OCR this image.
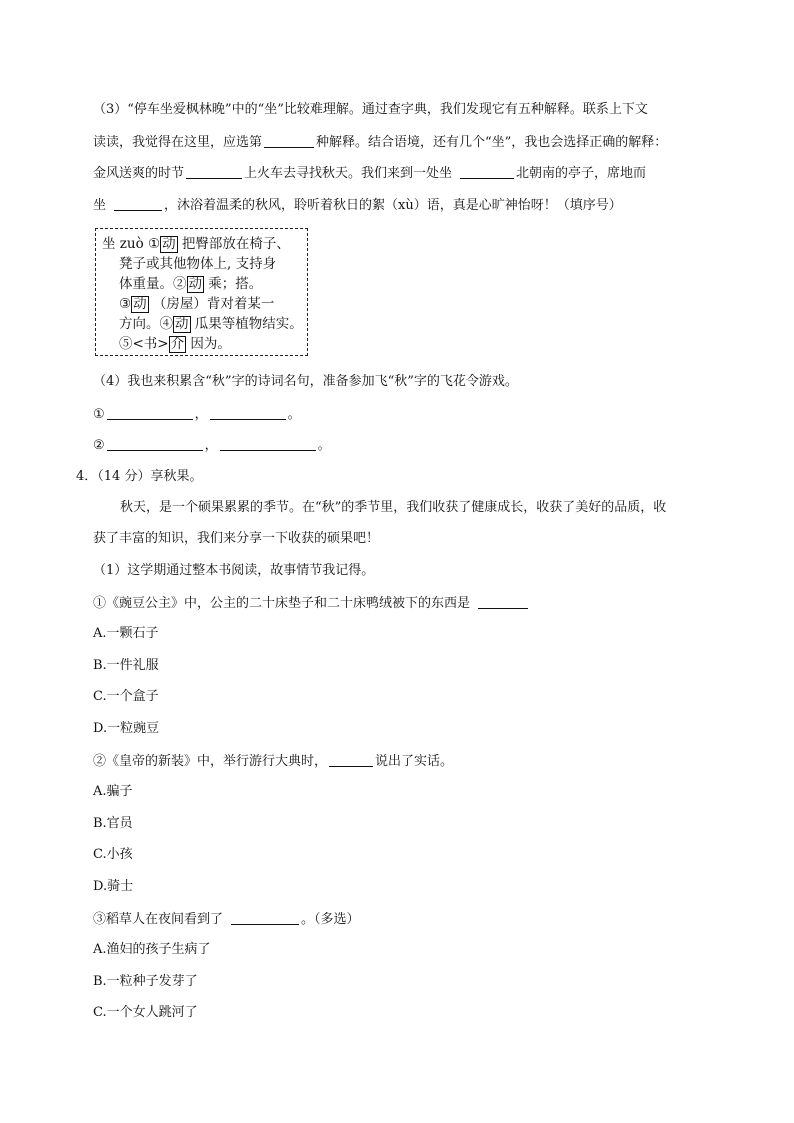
（3）“停车坐爱枫林晚”中的“坐”比较难理解。通过查字典，我们发现它有五种解释。联系上下文
读读，我觉得在这里，应选第	种解释。结合语境，还有几个“坐”，我也会选择正确的解释：
金风送爽的时节	上火车去寻找秋天。我们来到一处坐	北朝南的亭子，席地而
坐	，沐浴着温柔的秋风，聆听着秋日的絮（xù）语，真是心旷神怡呀！（填序号）
坐 zuò ① 动 把臀部放在椅子、
凳子或其他物体上, 支持身
体重量。② 动 乘；搭。
③ 动 （房屋）背对着某一
方向。④ 动 瓜果等植物结实。
⑤<书> 介 因为。
（4）我也来积累含“秋”字的诗词名句，准备参加飞“秋”字的飞花令游戏。
①	，	。
②	，	。
4．（14 分）享秋果。
秋天，是一个硕果累累的季节。在“秋”的季节里，我们收获了健康成长，收获了美好的品质，收
获了丰富的知识，我们来分享一下收获的硕果吧！
（1）这学期通过整本书阅读，故事情节我记得。
①《豌豆公主》中，公主的二十床垫子和二十床鸭绒被下的东西是
A.一颗石子
B.一件礼服
C.一个盒子
D.一粒豌豆
②《皇帝的新装》中，举行游行大典时，	说出了实话。
A.骗子
B.官员
C.小孩
D.骑士
③稻草人在夜间看到了	。（多选）
A.渔妇的孩子生病了
B.一粒种子发芽了
C.一个女人跳河了
